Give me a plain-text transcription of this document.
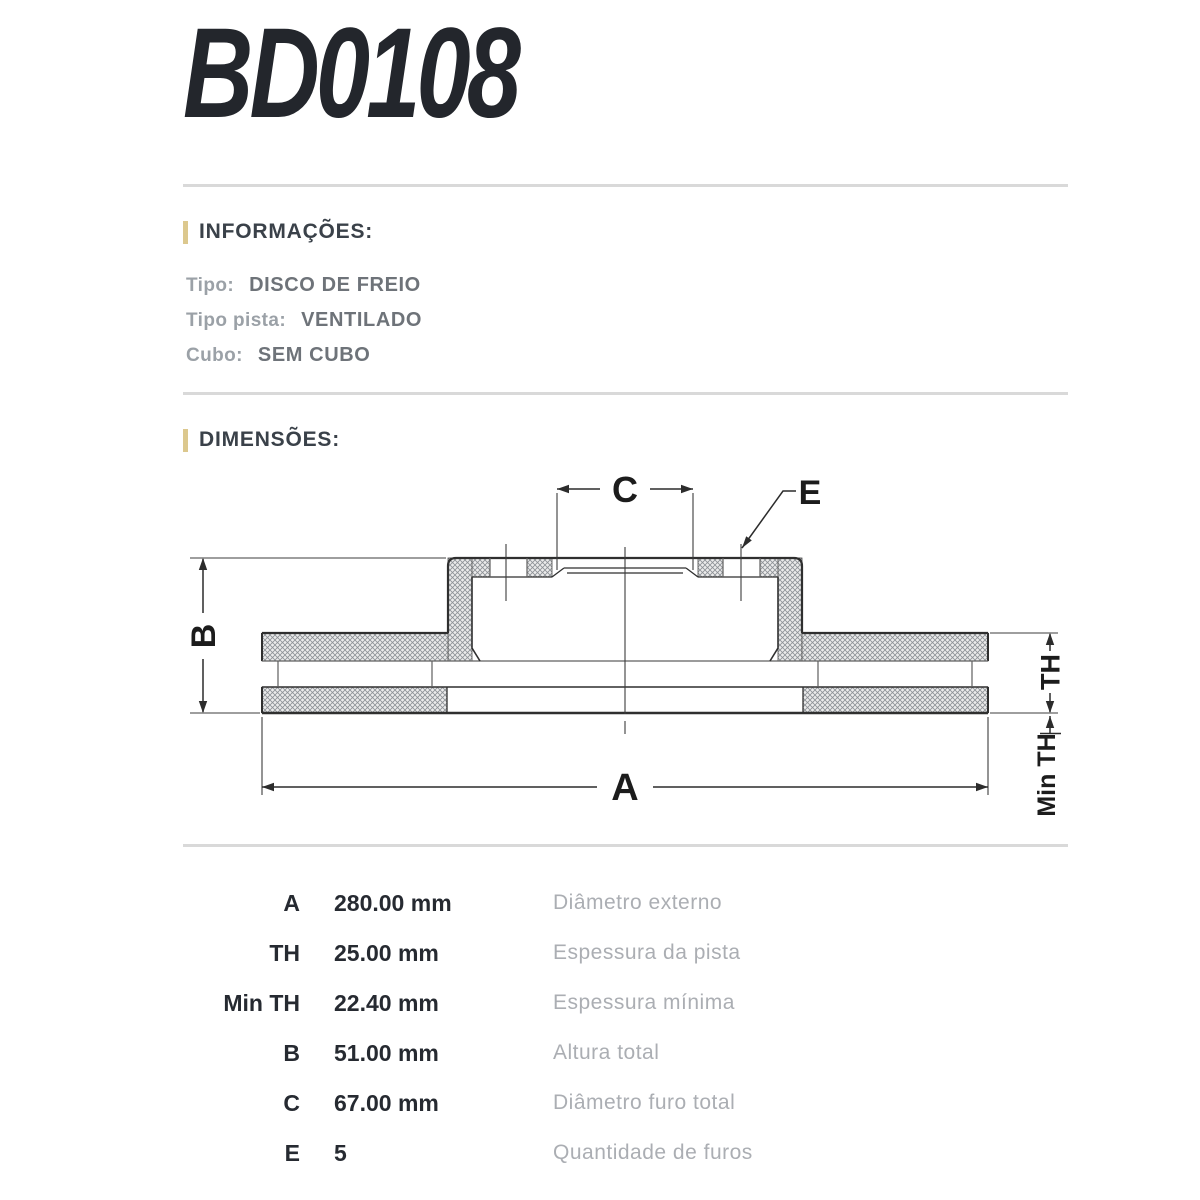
BD0108
INFORMAÇÕES:
Tipo: DISCO DE FREIO
Tipo pista: VENTILADO
Cubo: SEM CUBO
DIMENSÕES:
B
A
C	E
TH
Min TH
A	280.00 mm	Diâmetro externo
TH	25.00 mm	Espessura da pista
Min TH	22.40 mm	Espessura mínima
B	51.00 mm	Altura total
C	67.00 mm	Diâmetro furo total
E	5	Quantidade de furos
